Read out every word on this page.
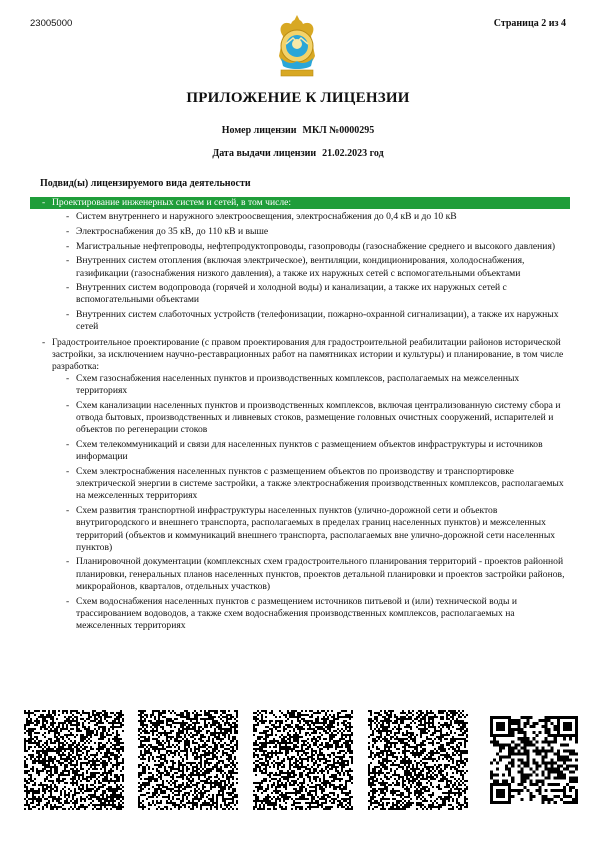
23005000	Страница 2 из 4
ПРИЛОЖЕНИЕ К ЛИЦЕНЗИИ
Номер лицензии МКЛ №0000295
Дата выдачи лицензии 21.02.2023 год
Подвид(ы) лицензируемого вида деятельности
- Проектирование инженерных систем и сетей, в том числе:
- Систем внутреннего и наружного электроосвещения, электроснабжения до 0,4 кВ и до 10 кВ
- Электроснабжения до 35 кВ, до 110 кВ и выше
- Магистральные нефтепроводы, нефтепродуктопроводы, газопроводы (газоснабжение среднего и высокого давления)
- Внутренних систем отопления (включая электрическое), вентиляции, кондиционирования, холодоснабжения, газификации (газоснабжения низкого давления), а также их наружных сетей с вспомогательными объектами
- Внутренних систем водопровода (горячей и холодной воды) и канализации, а также их наружных сетей с вспомогательными объектами
- Внутренних систем слаботочных устройств (телефонизации, пожарно-охранной сигнализации), а также их наружных сетей
- Градостроительное проектирование (с правом проектирования для градостроительной реабилитации районов исторической застройки, за исключением научно-реставрационных работ на памятниках истории и культуры) и планирование, в том числе разработка:
- Схем газоснабжения населенных пунктов и производственных комплексов, располагаемых на межселенных территориях
- Схем канализации населенных пунктов и производственных комплексов, включая централизованную систему сбора и отвода бытовых, производственных и ливневых стоков, размещение головных очистных сооружений, испарителей и объектов по регенерации стоков
- Схем телекоммуникаций и связи для населенных пунктов с размещением объектов инфраструктуры и источников информации
- Схем электроснабжения населенных пунктов с размещением объектов по производству и транспортировке электрической энергии в системе застройки, а также электроснабжения производственных комплексов, располагаемых на межселенных территориях
- Схем развития транспортной инфраструктуры населенных пунктов (улично-дорожной сети и объектов внутригородского и внешнего транспорта, располагаемых в пределах границ населенных пунктов) и межселенных территорий (объектов и коммуникаций внешнего транспорта, располагаемых вне улично-дорожной сети населенных пунктов)
- Планировочной документации (комплексных схем градостроительного планирования территорий - проектов районной планировки, генеральных планов населенных пунктов, проектов детальной планировки и проектов застройки районов, микрорайонов, кварталов, отдельных участков)
- Схем водоснабжения населенных пунктов с размещением источников питьевой и (или) технической воды и трассированием водоводов, а также схем водоснабжения производственных комплексов, располагаемых на межселенных территориях
